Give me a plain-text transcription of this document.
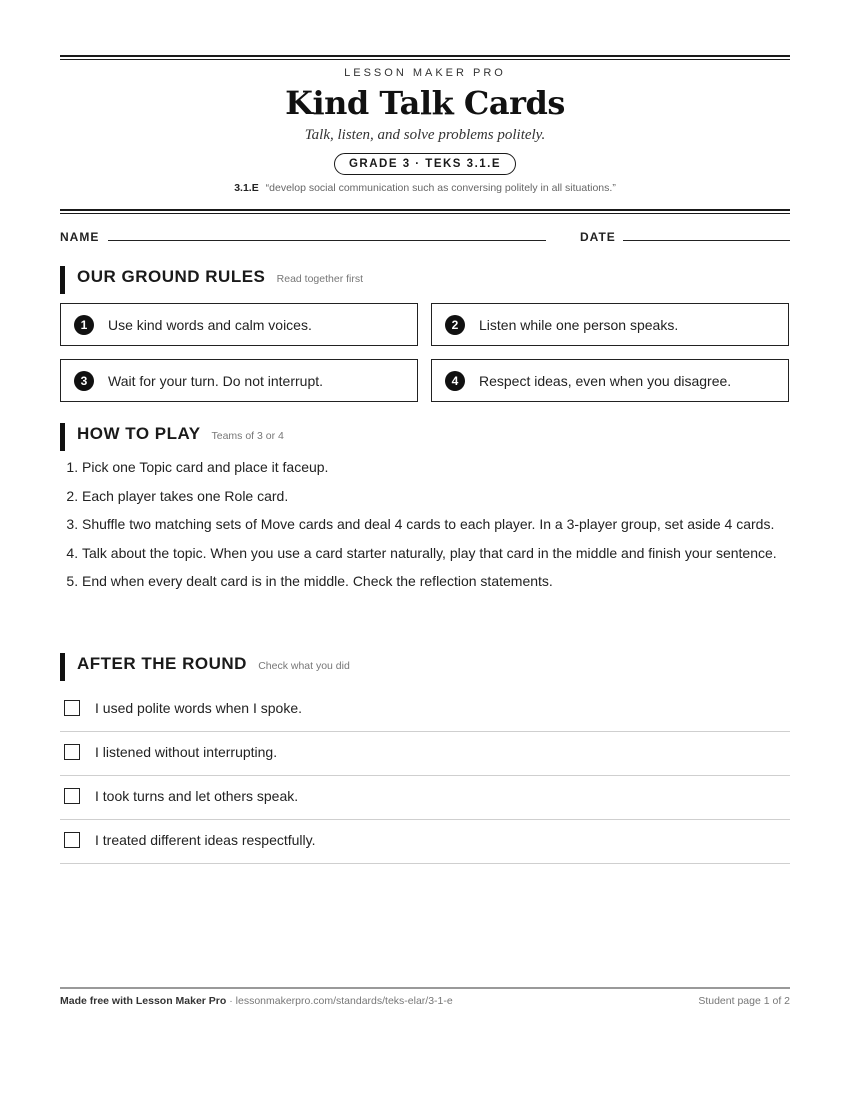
LESSON MAKER PRO
Kind Talk Cards
Talk, listen, and solve problems politely.
GRADE 3 · TEKS 3.1.E
3.1.E “develop social communication such as conversing politely in all situations.”
NAME	DATE
OUR GROUND RULES Read together first
1	Use kind words and calm voices.	2	Listen while one person speaks.
3	Wait for your turn. Do not interrupt.	4	Respect ideas, even when you disagree.
HOW TO PLAY Teams of 3 or 4
1. Pick one Topic card and place it faceup.
2. Each player takes one Role card.
3. Shuffle two matching sets of Move cards and deal 4 cards to each player. In a 3-player group, set aside 4 cards.
4. Talk about the topic. When you use a card starter naturally, play that card in the middle and finish your sentence.
5. End when every dealt card is in the middle. Check the reflection statements.
AFTER THE ROUND Check what you did
I used polite words when I spoke.
I listened without interrupting.
I took turns and let others speak.
I treated different ideas respectfully.
Made free with Lesson Maker Pro · lessonmakerpro.com/standards/teks-elar/3-1-e	Student page 1 of 2
